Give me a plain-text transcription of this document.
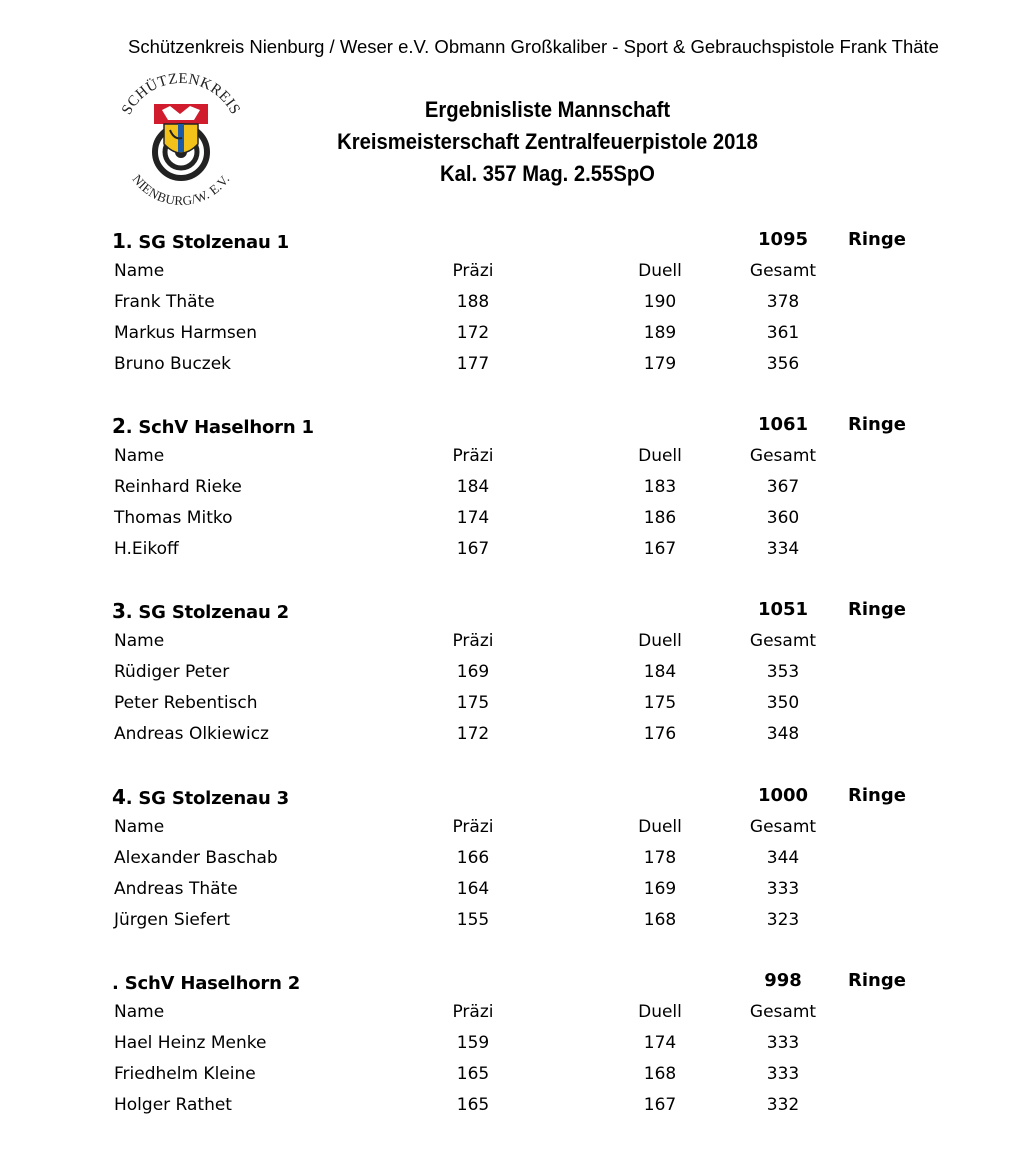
Schützenkreis Nienburg / Weser e.V. Obmann Großkaliber - Sport & Gebrauchspistole Frank Thäte
SCHÜTZENKREIS
NIENBURG/W. E.V.
Ergebnisliste Mannschaft
Kreismeisterschaft Zentralfeuerpistole 2018
Kal. 357 Mag. 2.55SpO
1. SG Stolzenau 1	1095	Ringe
Name	Präzi	Duell	Gesamt
Frank Thäte	188	190	378
Markus Harmsen	172	189	361
Bruno Buczek	177	179	356
2. SchV Haselhorn 1	1061	Ringe
Name	Präzi	Duell	Gesamt
Reinhard Rieke	184	183	367
Thomas Mitko	174	186	360
H.Eikoff	167	167	334
3. SG Stolzenau 2	1051	Ringe
Name	Präzi	Duell	Gesamt
Rüdiger Peter	169	184	353
Peter Rebentisch	175	175	350
Andreas Olkiewicz	172	176	348
4. SG Stolzenau 3	1000	Ringe
Name	Präzi	Duell	Gesamt
Alexander Baschab	166	178	344
Andreas Thäte	164	169	333
Jürgen Siefert	155	168	323
. SchV Haselhorn 2	998	Ringe
Name	Präzi	Duell	Gesamt
Hael Heinz Menke	159	174	333
Friedhelm Kleine	165	168	333
Holger Rathet	165	167	332
